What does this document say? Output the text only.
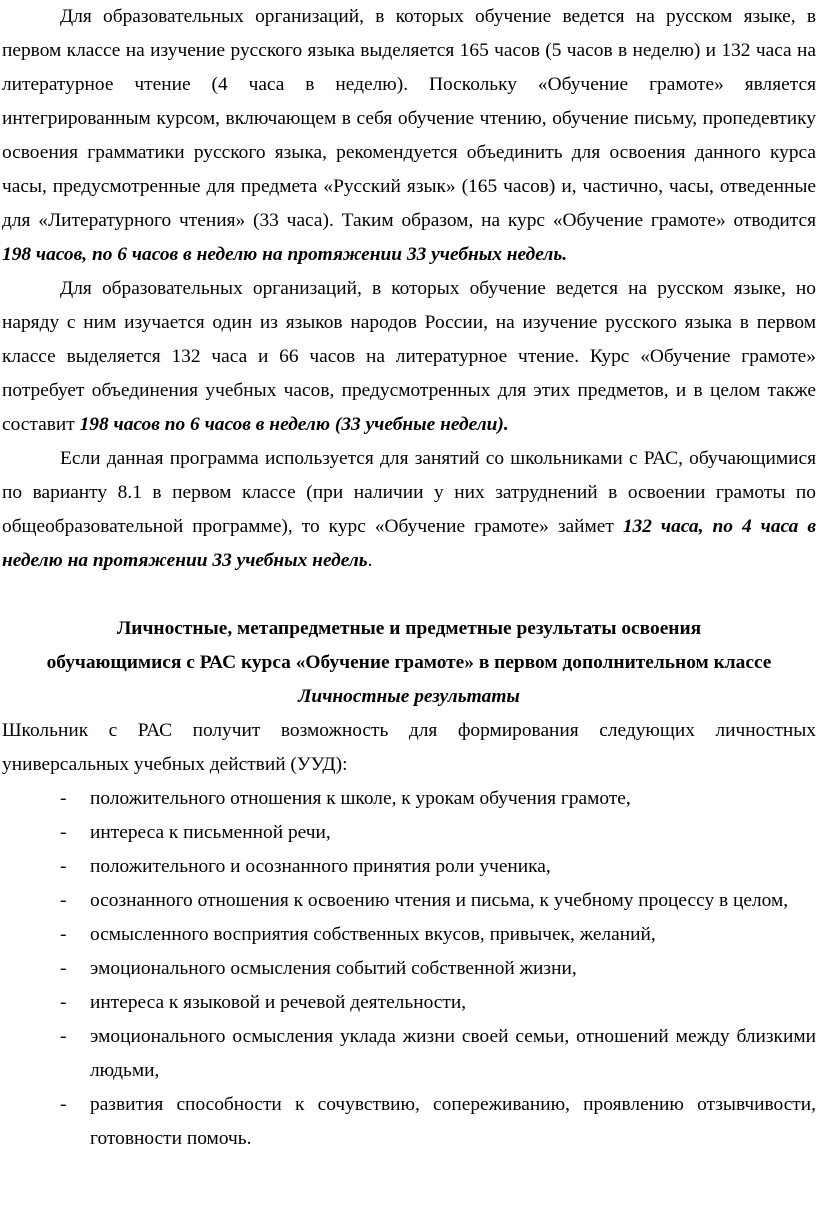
Для образовательных организаций, в которых обучение ведется на русском языке, в первом классе на изучение русского языка выделяется 165 часов (5 часов в неделю) и 132 часа на литературное чтение (4 часа в неделю). Поскольку «Обучение грамоте» является интегрированным курсом, включающем в себя обучение чтению, обучение письму, пропедевтику освоения грамматики русского языка, рекомендуется объединить для освоения данного курса часы, предусмотренные для предмета «Русский язык» (165 часов) и, частично, часы, отведенные для «Литературного чтения» (33 часа). Таким образом, на курс «Обучение грамоте» отводится 198 часов, по 6 часов в неделю на протяжении 33 учебных недель.

Для образовательных организаций, в которых обучение ведется на русском языке, но наряду с ним изучается один из языков народов России, на изучение русского языка в первом классе выделяется 132 часа и 66 часов на литературное чтение. Курс «Обучение грамоте» потребует объединения учебных часов, предусмотренных для этих предметов, и в целом также составит 198 часов по 6 часов в неделю (33 учебные недели).

Если данная программа используется для занятий со школьниками с РАС, обучающимися по варианту 8.1 в первом классе (при наличии у них затруднений в освоении грамоты по общеобразовательной программе), то курс «Обучение грамоте» займет 132 часа, по 4 часа в неделю на протяжении 33 учебных недель.

Личностные, метапредметные и предметные результаты освоения

обучающимися с РАС курса «Обучение грамоте» в первом дополнительном классе

Личностные результаты

Школьник с РАС получит возможность для формирования следующих личностных универсальных учебных действий (УУД):

- положительного отношения к школе, к урокам обучения грамоте,
- интереса к письменной речи,
- положительного и осознанного принятия роли ученика,
- осознанного отношения к освоению чтения и письма, к учебному процессу в целом,
- осмысленного восприятия собственных вкусов, привычек, желаний,
- эмоционального осмысления событий собственной жизни,
- интереса к языковой и речевой деятельности,
- эмоционального осмысления уклада жизни своей семьи, отношений между близкими людьми,
- развития способности к сочувствию, сопереживанию, проявлению отзывчивости, готовности помочь.
